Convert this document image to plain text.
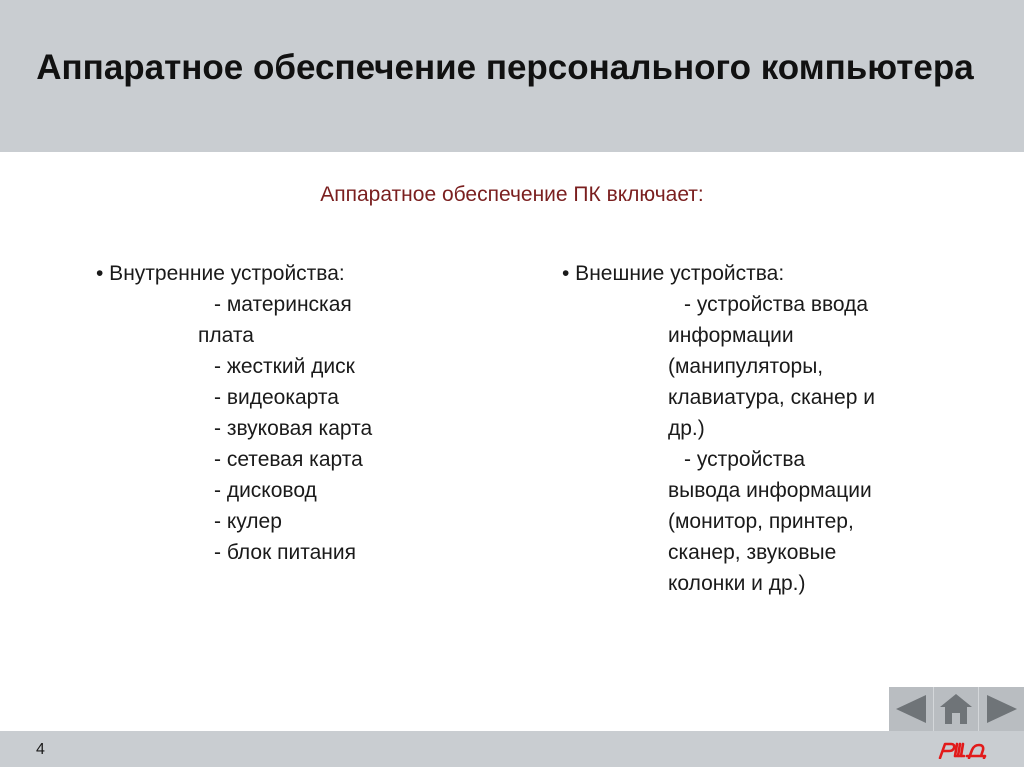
Аппаратное обеспечение персонального компьютера
Аппаратное обеспечение ПК включает:
• Внутренние устройства:
- материнская
плата
- жесткий диск
- видеокарта
- звуковая карта
- сетевая карта
- дисковод
- кулер
- блок питания
• Внешние устройства:
- устройства ввода
информации
(манипуляторы,
клавиатура, сканер и
др.)
- устройства
вывода информации
(монитор, принтер,
сканер, звуковые
колонки и др.)
4
